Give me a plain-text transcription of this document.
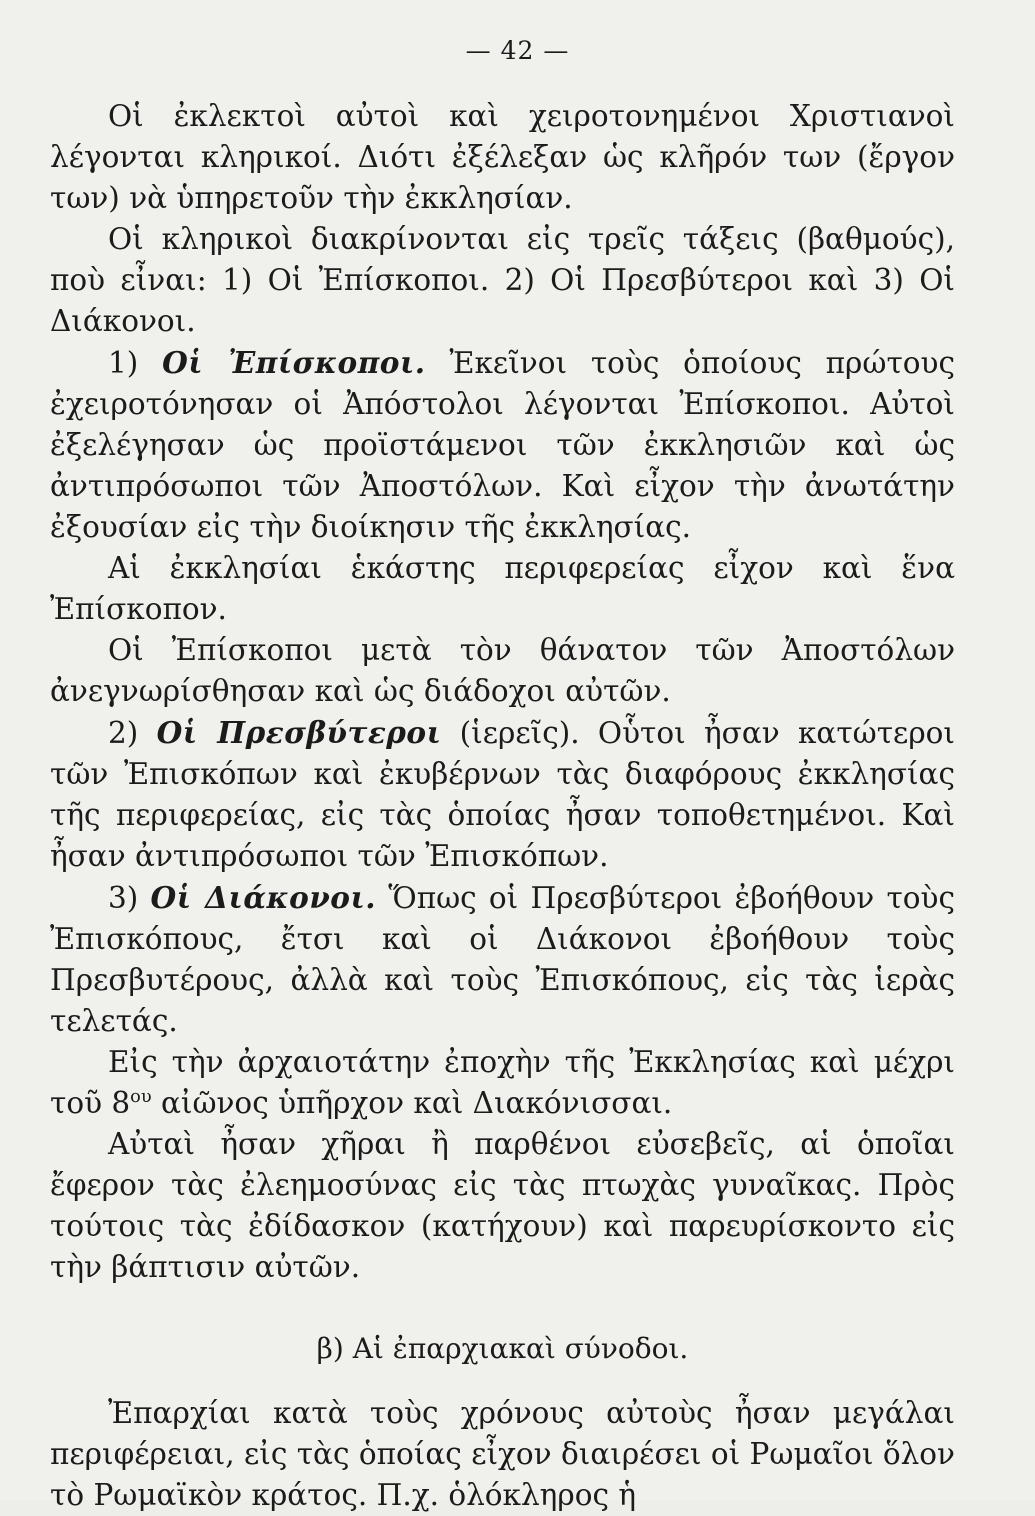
— 42 —

Οἱ ἐκλεκτοὶ αὐτοὶ καὶ χειροτονημένοι Χριστιανοὶ λέγονται κληρικοί. Διότι ἐξέλεξαν ὡς κλῆρόν των (ἔργον των) νὰ ὑπηρετοῦν τὴν ἐκκλησίαν.

Οἱ κληρικοὶ διακρίνονται εἰς τρεῖς τάξεις (βαθμούς), ποὺ εἶναι: 1) Οἱ Ἐπίσκοποι. 2) Οἱ Πρεσβύτεροι καὶ 3) Οἱ Διάκονοι.

1) Οἱ Ἐπίσκοποι. Ἐκεῖνοι τοὺς ὁποίους πρώτους ἐχειροτόνησαν οἱ Ἀπόστολοι λέγονται Ἐπίσκοποι. Αὐτοὶ ἐξελέγησαν ὡς προϊστάμενοι τῶν ἐκκλησιῶν καὶ ὡς ἀντιπρόσωποι τῶν Ἀποστόλων. Καὶ εἶχον τὴν ἀνωτάτην ἐξουσίαν εἰς τὴν διοίκησιν τῆς ἐκκλησίας.

Αἱ ἐκκλησίαι ἑκάστης περιφερείας εἶχον καὶ ἕνα Ἐπίσκοπον.

Οἱ Ἐπίσκοποι μετὰ τὸν θάνατον τῶν Ἀποστόλων ἀνεγνωρίσθησαν καὶ ὡς διάδοχοι αὐτῶν.

2) Οἱ Πρεσβύτεροι (ἱερεῖς). Οὗτοι ἦσαν κατώτεροι τῶν Ἐπισκόπων καὶ ἐκυβέρνων τὰς διαφόρους ἐκκλησίας τῆς περιφερείας, εἰς τὰς ὁποίας ἦσαν τοποθετημένοι. Καὶ ἦσαν ἀντιπρόσωποι τῶν Ἐπισκόπων.

3) Οἱ Διάκονοι. Ὅπως οἱ Πρεσβύτεροι ἐβοήθουν τοὺς Ἐπισκόπους, ἔτσι καὶ οἱ Διάκονοι ἐβοήθουν τοὺς Πρεσβυτέρους, ἀλλὰ καὶ τοὺς Ἐπισκόπους, εἰς τὰς ἱερὰς τελετάς.

Εἰς τὴν ἀρχαιοτάτην ἐποχὴν τῆς Ἐκκλησίας καὶ μέχρι τοῦ $8^{o\upsilon}$ αἰῶνος ὑπῆρχον καὶ Διακόνισσαι.

Αὐταὶ ἦσαν χῆραι ἢ παρθένοι εὐσεβεῖς, αἱ ὁποῖαι ἔφερον τὰς ἐλεημοσύνας εἰς τὰς πτωχὰς γυναῖκας. Πρὸς τούτοις τὰς ἐδίδασκον (κατήχουν) καὶ παρευρίσκοντο εἰς τὴν βάπτισιν αὐτῶν.

β) Αἱ ἐπαρχιακαὶ σύνοδοι.

Ἐπαρχίαι κατὰ τοὺς χρόνους αὐτοὺς ἦσαν μεγάλαι περιφέρειαι, εἰς τὰς ὁποίας εἶχον διαιρέσει οἱ Ρωμαῖοι ὅλον τὸ Ρωμαϊκὸν κράτος. Π.χ. ὁλόκληρος ἡ
